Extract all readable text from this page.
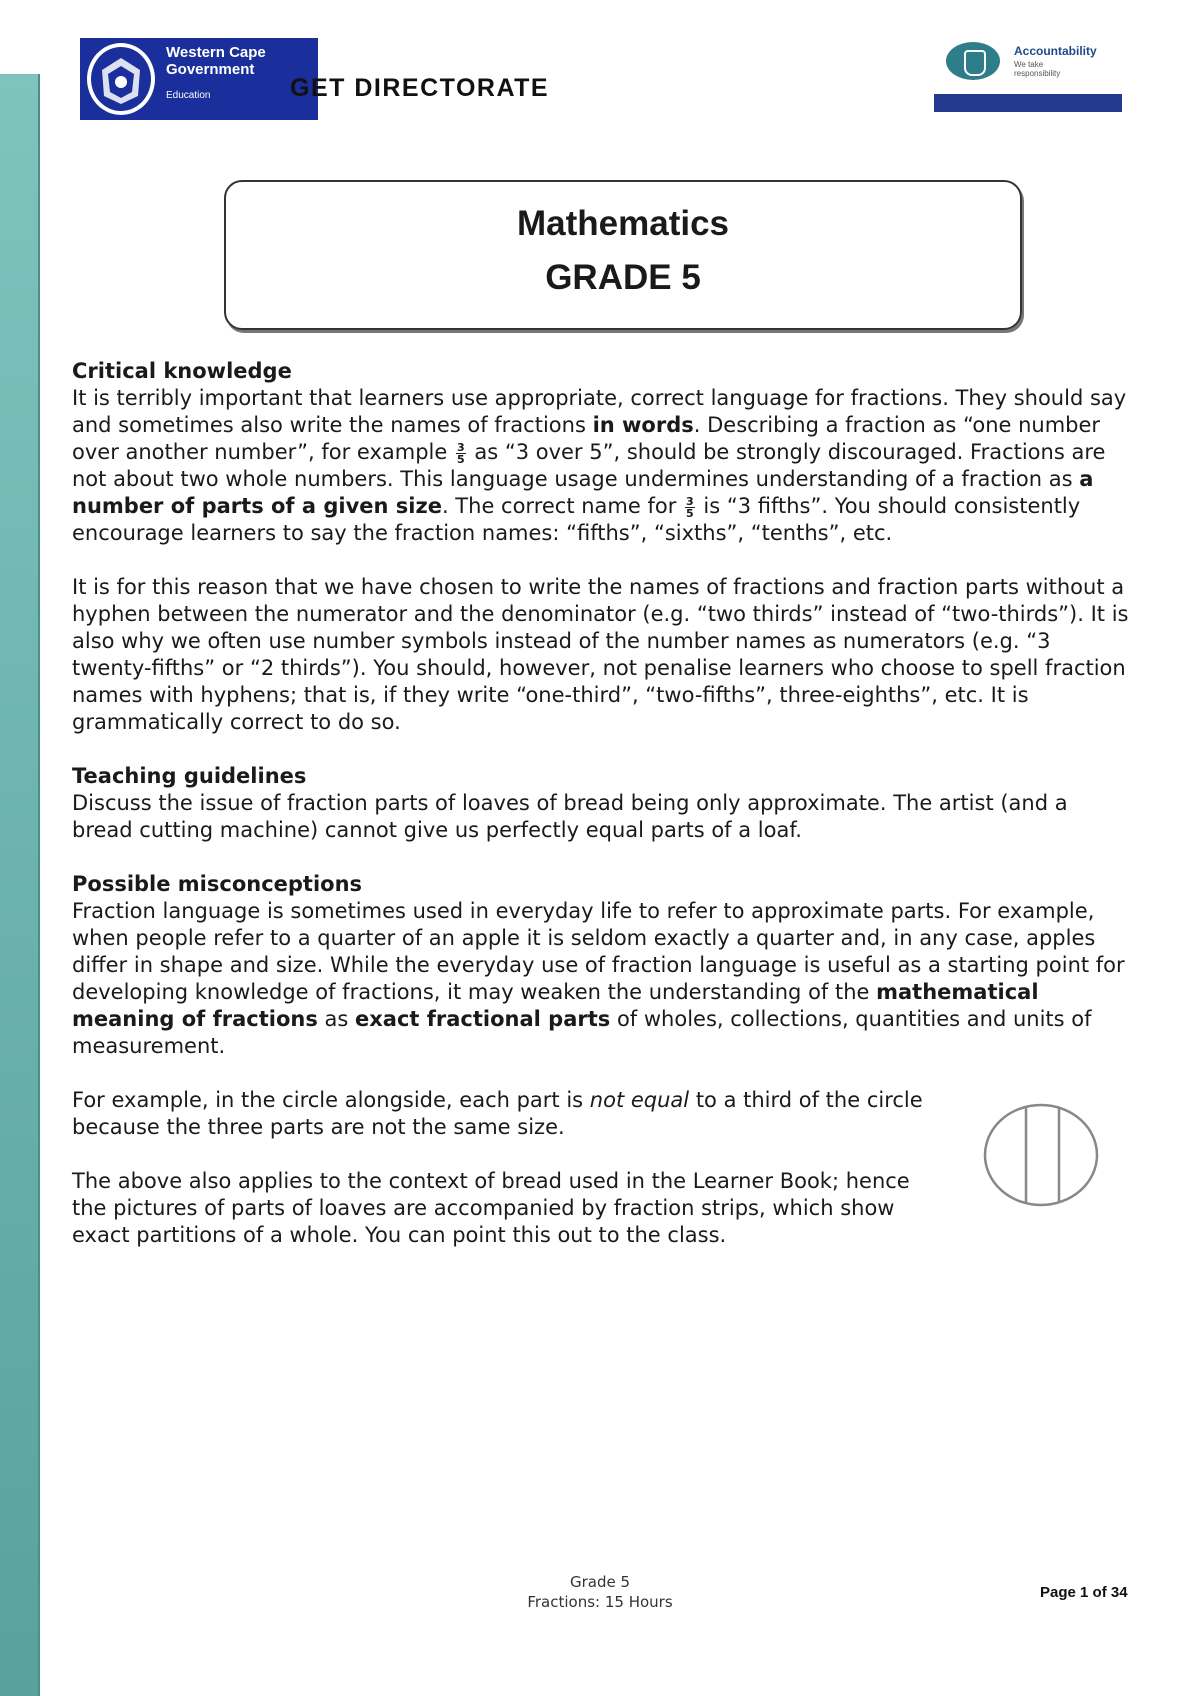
Western Cape
Government
Education	GET DIRECTORATE
Accountability
We take
responsibility
Mathematics
GRADE 5

Critical knowledge
It is terribly important that learners use appropriate, correct language for fractions. They should say and sometimes also write the names of fractions in words. Describing a fraction as “one number over another number”, for example $\frac{3}{5}$ as “3 over 5”, should be strongly discouraged. Fractions are not about two whole numbers. This language usage undermines understanding of a fraction as a number of parts of a given size. The correct name for $\frac{3}{5}$ is “3 fifths”. You should consistently encourage learners to say the fraction names: “fifths”, “sixths”, “tenths”, etc.

It is for this reason that we have chosen to write the names of fractions and fraction parts without a hyphen between the numerator and the denominator (e.g. “two thirds” instead of “two-thirds”). It is also why we often use number symbols instead of the number names as numerators (e.g. “3 twenty-fifths” or “2 thirds”). You should, however, not penalise learners who choose to spell fraction names with hyphens; that is, if they write “one-third”, “two-fifths”, three-eighths”, etc. It is grammatically correct to do so.

Teaching guidelines
Discuss the issue of fraction parts of loaves of bread being only approximate. The artist (and a bread cutting machine) cannot give us perfectly equal parts of a loaf.

Possible misconceptions
Fraction language is sometimes used in everyday life to refer to approximate parts. For example, when people refer to a quarter of an apple it is seldom exactly a quarter and, in any case, apples differ in shape and size. While the everyday use of fraction language is useful as a starting point for developing knowledge of fractions, it may weaken the understanding of the mathematical meaning of fractions as exact fractional parts of wholes, collections, quantities and units of measurement.

For example, in the circle alongside, each part is not equal to a third of the circle because the three parts are not the same size.

The above also applies to the context of bread used in the Learner Book; hence the pictures of parts of loaves are accompanied by fraction strips, which show exact partitions of a whole. You can point this out to the class.

Grade 5
Fractions: 15 Hours
Page 1 of 34
